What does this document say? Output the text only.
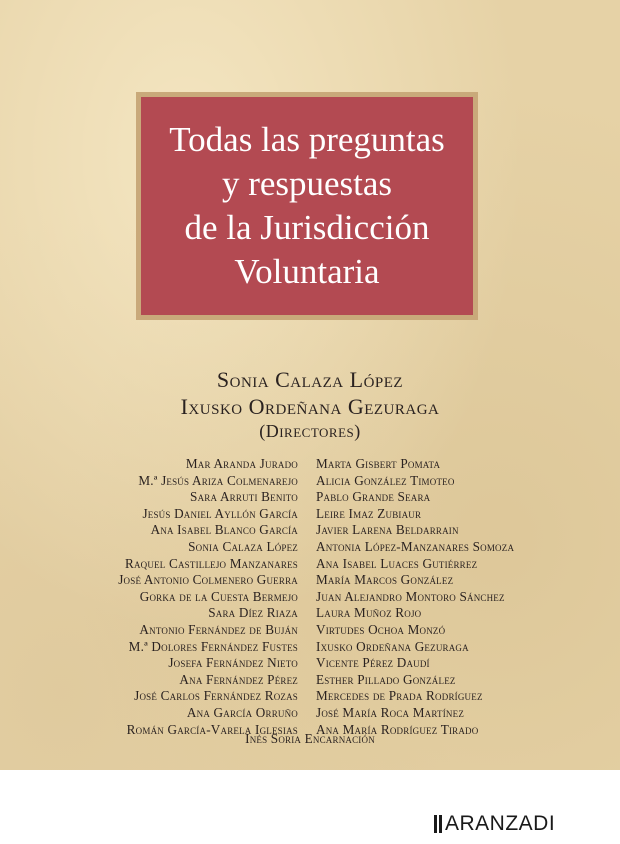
Todas las preguntas
y respuestas
de la Jurisdicción
Voluntaria
Sonia Calaza López
Ixusko Ordeñana Gezuraga
(Directores)
Mar Aranda Jurado
M.ª Jesús Ariza Colmenarejo
Sara Arruti Benito
Jesús Daniel Ayllón García
Ana Isabel Blanco García
Sonia Calaza López
Raquel Castillejo Manzanares
José Antonio Colmenero Guerra
Gorka de la Cuesta Bermejo
Sara Díez Riaza
Antonio Fernández de Buján
M.ª Dolores Fernández Fustes
Josefa Fernández Nieto
Ana Fernández Pérez
José Carlos Fernández Rozas
Ana García Orruño
Román García-Varela Iglesias
Marta Gisbert Pomata
Alicia González Timoteo
Pablo Grande Seara
Leire Imaz Zubiaur
Javier Larena Beldarrain
Antonia López-Manzanares Somoza
Ana Isabel Luaces Gutiérrez
María Marcos González
Juan Alejandro Montoro Sánchez
Laura Muñoz Rojo
Virtudes Ochoa Monzó
Ixusko Ordeñana Gezuraga
Vicente Pérez Daudí
Esther Pillado González
Mercedes de Prada Rodríguez
José María Roca Martínez
Ana María Rodríguez Tirado
Inés Soria Encarnación
ARANZADI
